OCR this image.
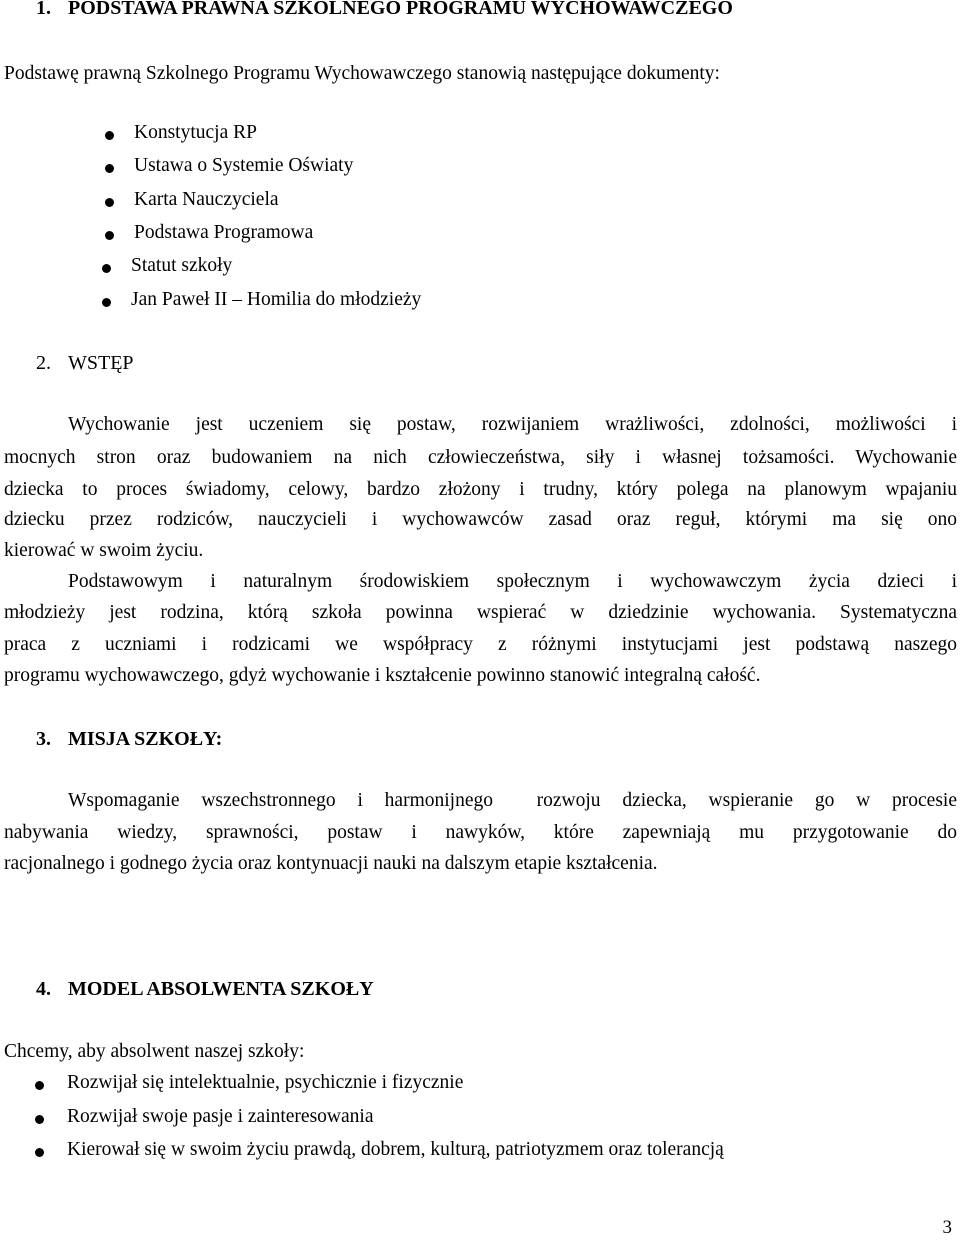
1. PODSTAWA PRAWNA SZKOLNEGO PROGRAMU WYCHOWAWCZEGO
Podstawę prawną Szkolnego Programu Wychowawczego stanowią następujące dokumenty:
Konstytucja RP
Ustawa o Systemie Oświaty
Karta Nauczyciela
Podstawa Programowa
Statut szkoły
Jan Paweł II – Homilia do młodzieży
2. WSTĘP
Wychowanie jest uczeniem się postaw, rozwijaniem wrażliwości, zdolności, możliwości i
mocnych stron oraz budowaniem na nich człowieczeństwa, siły i własnej tożsamości. Wychowanie
dziecka to proces świadomy, celowy, bardzo złożony i trudny, który polega na planowym wpajaniu
dziecku przez rodziców, nauczycieli i wychowawców zasad oraz reguł, którymi ma się ono
kierować w swoim życiu.
Podstawowym i naturalnym środowiskiem społecznym i wychowawczym życia dzieci i
młodzieży jest rodzina, którą szkoła powinna wspierać w dziedzinie wychowania. Systematyczna
praca z uczniami i rodzicami we współpracy z różnymi instytucjami jest podstawą naszego
programu wychowawczego, gdyż wychowanie i kształcenie powinno stanowić integralną całość.
3. MISJA SZKOŁY:
Wspomaganie wszechstronnego i harmonijnego  rozwoju dziecka, wspieranie go w procesie
nabywania wiedzy, sprawności, postaw i nawyków, które zapewniają mu przygotowanie do
racjonalnego i godnego życia oraz kontynuacji nauki na dalszym etapie kształcenia.
4. MODEL ABSOLWENTA SZKOŁY
Chcemy, aby absolwent naszej szkoły:
Rozwijał się intelektualnie, psychicznie i fizycznie
Rozwijał swoje pasje i zainteresowania
Kierował się w swoim życiu prawdą, dobrem, kulturą, patriotyzmem oraz tolerancją
3
